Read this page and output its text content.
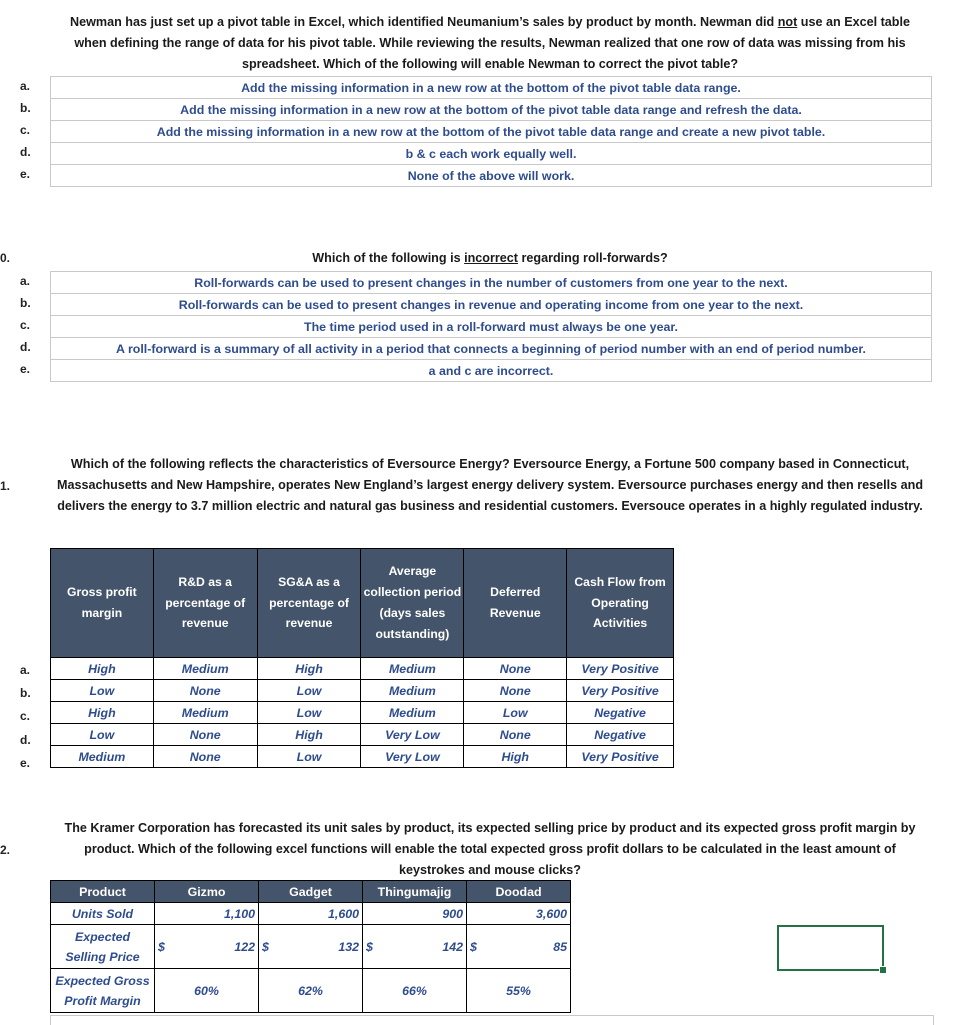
Newman has just set up a pivot table in Excel, which identified Neumanium’s sales by product by month. Newman did not use an Excel table
when defining the range of data for his pivot table. While reviewing the results, Newman realized that one row of data was missing from his
spreadsheet. Which of the following will enable Newman to correct the pivot table?
a.
b.
c.
d.
e.
Add the missing information in a new row at the bottom of the pivot table data range.
Add the missing information in a new row at the bottom of the pivot table data range and refresh the data.
Add the missing information in a new row at the bottom of the pivot table data range and create a new pivot table.
b & c each work equally well.
None of the above will work.
0.	Which of the following is incorrect regarding roll-forwards?
a.
b.
c.
d.
e.
Roll-forwards can be used to present changes in the number of customers from one year to the next.
Roll-forwards can be used to present changes in revenue and operating income from one year to the next.
The time period used in a roll-forward must always be one year.
A roll-forward is a summary of all activity in a period that connects a beginning of period number with an end of period number.
a and c are incorrect.
1.
Which of the following reflects the characteristics of Eversource Energy? Eversource Energy, a Fortune 500 company based in Connecticut,
Massachusetts and New Hampshire, operates New England’s largest energy delivery system. Eversource purchases energy and then resells and
delivers the energy to 3.7 million electric and natural gas business and residential customers. Eversouce operates in a highly regulated industry.
a.
b.
c.
d.
e.
Gross profit margin	R&D as a percentage of revenue	SG&A as a percentage of revenue	Average collection period (days sales outstanding)	Deferred Revenue	Cash Flow from Operating Activities
High	Medium	High	Medium	None	Very Positive
Low	None	Low	Medium	None	Very Positive
High	Medium	Low	Medium	Low	Negative
Low	None	High	Very Low	None	Negative
Medium	None	Low	Very Low	High	Very Positive
2.
The Kramer Corporation has forecasted its unit sales by product, its expected selling price by product and its expected gross profit margin by
product. Which of the following excel functions will enable the total expected gross profit dollars to be calculated in the least amount of
keystrokes and mouse clicks?
Product	Gizmo		Gadget		Thingumajig		Doodad	
Units Sold	1,100		1,600		900		3,600	
Expected Selling Price	$	122	$	132	$	142	$	85
Expected Gross Profit Margin	60%		62%		66%		55%	
